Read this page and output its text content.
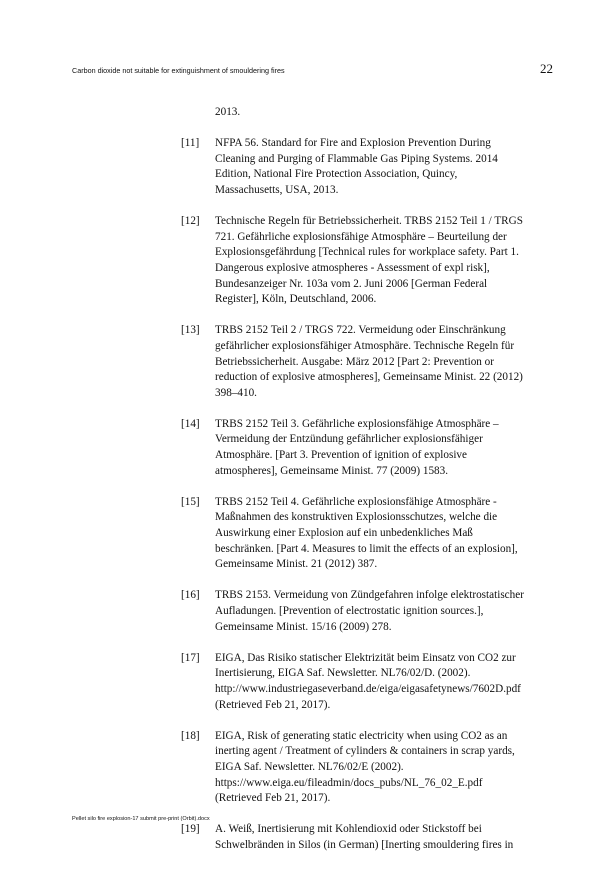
Carbon dioxide not suitable for extinguishment of smouldering fires	22
2013.
[11]	NFPA 56. Standard for Fire and Explosion Prevention During
Cleaning and Purging of Flammable Gas Piping Systems. 2014
Edition, National Fire Protection Association, Quincy,
Massachusetts, USA, 2013.
[12]	Technische Regeln für Betriebssicherheit. TRBS 2152 Teil 1 / TRGS
721. Gefährliche explosionsfähige Atmosphäre – Beurteilung der
Explosionsgefährdung [Technical rules for workplace safety. Part 1.
Dangerous explosive atmospheres - Assessment of expl risk],
Bundesanzeiger Nr. 103a vom 2. Juni 2006 [German Federal
Register], Köln, Deutschland, 2006.
[13]	TRBS 2152 Teil 2 / TRGS 722. Vermeidung oder Einschränkung
gefährlicher explosionsfähiger Atmosphäre. Technische Regeln für
Betriebssicherheit. Ausgabe: März 2012 [Part 2: Prevention or
reduction of explosive atmospheres], Gemeinsame Minist. 22 (2012)
398–410.
[14]	TRBS 2152 Teil 3. Gefährliche explosionsfähige Atmosphäre –
Vermeidung der Entzündung gefährlicher explosionsfähiger
Atmosphäre. [Part 3. Prevention of ignition of explosive
atmospheres], Gemeinsame Minist. 77 (2009) 1583.
[15]	TRBS 2152 Teil 4. Gefährliche explosionsfähige Atmosphäre -
Maßnahmen des konstruktiven Explosionsschutzes, welche die
Auswirkung einer Explosion auf ein unbedenkliches Maß
beschränken. [Part 4. Measures to limit the effects of an explosion],
Gemeinsame Minist. 21 (2012) 387.
[16]	TRBS 2153. Vermeidung von Zündgefahren infolge elektrostatischer
Aufladungen. [Prevention of electrostatic ignition sources.],
Gemeinsame Minist. 15/16 (2009) 278.
[17]	EIGA, Das Risiko statischer Elektrizität beim Einsatz von CO2 zur
Inertisierung, EIGA Saf. Newsletter. NL76/02/D. (2002).
http://www.industriegaseverband.de/eiga/eigasafetynews/7602D.pdf
(Retrieved Feb 21, 2017).
[18]	EIGA, Risk of generating static electricity when using CO2 as an
inerting agent / Treatment of cylinders & containers in scrap yards,
EIGA Saf. Newsletter. NL76/02/E (2002).
https://www.eiga.eu/fileadmin/docs_pubs/NL_76_02_E.pdf
(Retrieved Feb 21, 2017).
[19]	A. Weiß, Inertisierung mit Kohlendioxid oder Stickstoff bei
Schwelbränden in Silos (in German) [Inerting smouldering fires in
Pellet silo fire explosion-17 submit pre-print (Orbit).docx
